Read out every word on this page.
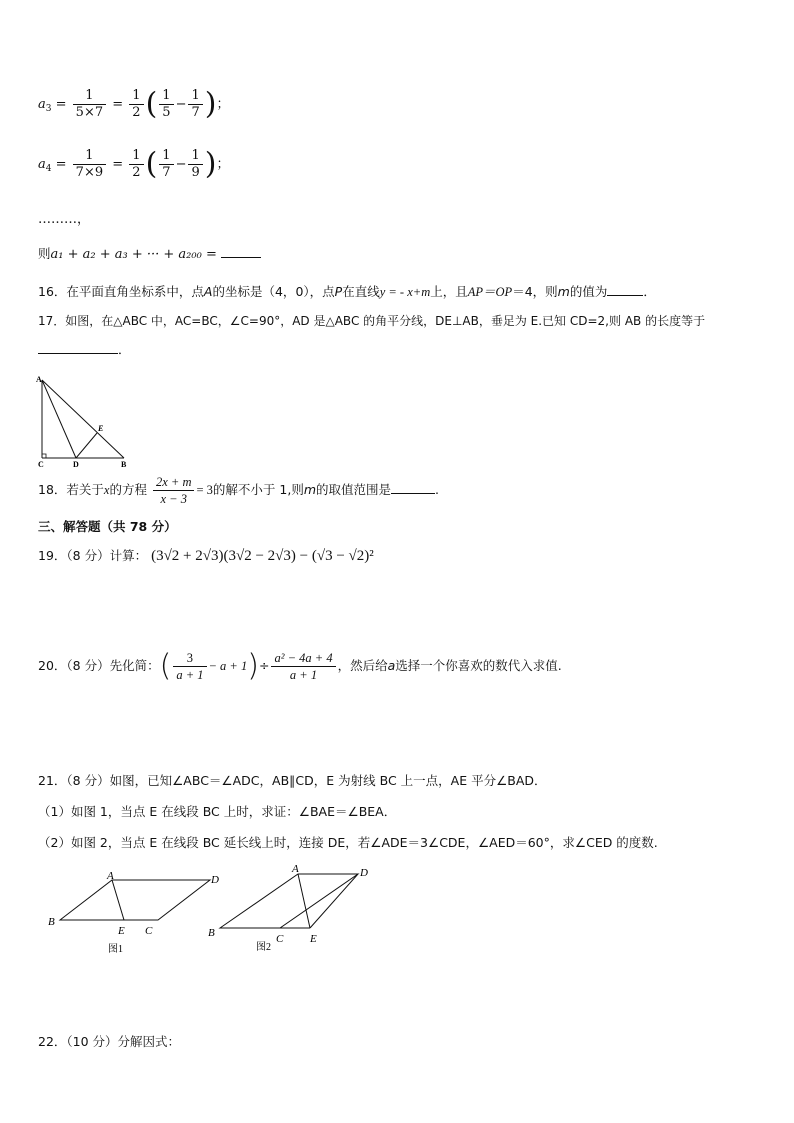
$a_3 = \frac{1}{5\times 7} = \frac{1}{2}$ ( $\frac{1}{5} - \frac{1}{7}$ )；
$a_4 = \frac{1}{7\times 9} = \frac{1}{2}$ ( $\frac{1}{7} - \frac{1}{9}$ )；
………，
则a₁ + a₂ + a₃ + ··· + a₂₀₀ =
16．在平面直角坐标系中，点A的坐标是（4，0），点P在直线y = - x+m上，且AP＝OP＝4，则m的值为	．
17．如图，在△ABC 中，AC=BC，∠C=90°，AD 是△ABC 的角平分线，DE⊥AB，垂足为 E.已知 CD=2,则 AB 的长度等于
．
A
C	D
E
B
18．若关于x的方程 $\frac{2x + m}{x - 3} = 3$的解不小于 1,则m的取值范围是	.
三、解答题（共 78 分）
19．（8 分）计算： (3√2 + 2√3)(3√2 − 2√3) − (√3 − √2)²
20．（8 分）先化简：( $\frac{3}{a + 1} - a + 1)\div \frac{\text{a² − 4a + 4}}{a + 1}$ ，然后给a选择一个你喜欢的数代入求值.
21．（8 分）如图，已知∠ABC＝∠ADC，AB∥CD，E 为射线 BC 上一点，AE 平分∠BAD．
（1）如图 1，当点 E 在线段 BC 上时，求证：∠BAE＝∠BEA．
（2）如图 2，当点 E 在线段 BC 延长线上时，连接 DE，若∠ADE＝3∠CDE，∠AED＝60°，求∠CED 的度数.
A	D
B
E C
图1
A	D
B	C E
图2
22．（10 分）分解因式：
